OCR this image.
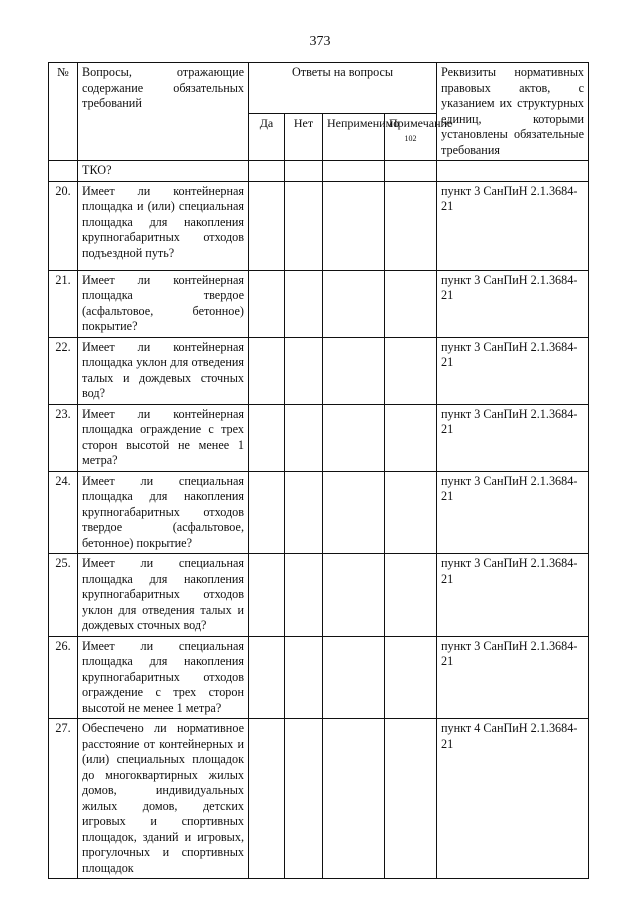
373
№	Вопросы, отражающие содержание обязательных требований	Ответы на вопросы				Реквизиты нормативных правовых актов, с указанием их структурных единиц, которыми установлены обязательные требования
		Да	Нет	Неприменимо	Примечание
102	
	ТКО?					
20.	Имеет ли контейнерная площадка и (или) специальная площадка для накопления крупногабаритных отходов подъездной путь?					пункт 3 СанПиН 2.1.3684-21
21.	Имеет ли контейнерная площадка твердое (асфальтовое, бетонное) покрытие?					пункт 3 СанПиН 2.1.3684-21
22.	Имеет ли контейнерная площадка уклон для отведения талых и дождевых сточных вод?					пункт 3 СанПиН 2.1.3684-21
23.	Имеет ли контейнерная площадка ограждение с трех сторон высотой не менее 1 метра?					пункт 3 СанПиН 2.1.3684-21
24.	Имеет ли специальная площадка для накопления крупногабаритных отходов твердое (асфальтовое, бетонное) покрытие?					пункт 3 СанПиН 2.1.3684-21
25.	Имеет ли специальная площадка для накопления крупногабаритных отходов уклон для отведения талых и дождевых сточных вод?					пункт 3 СанПиН 2.1.3684-21
26.	Имеет ли специальная площадка для накопления крупногабаритных отходов ограждение с трех сторон высотой не менее 1 метра?					пункт 3 СанПиН 2.1.3684-21
27.	Обеспечено ли нормативное расстояние от контейнерных и (или) специальных площадок до многоквартирных жилых домов, индивидуальных жилых домов, детских игровых и спортивных площадок, зданий и игровых, прогулочных и спортивных площадок					пункт 4 СанПиН 2.1.3684-21
